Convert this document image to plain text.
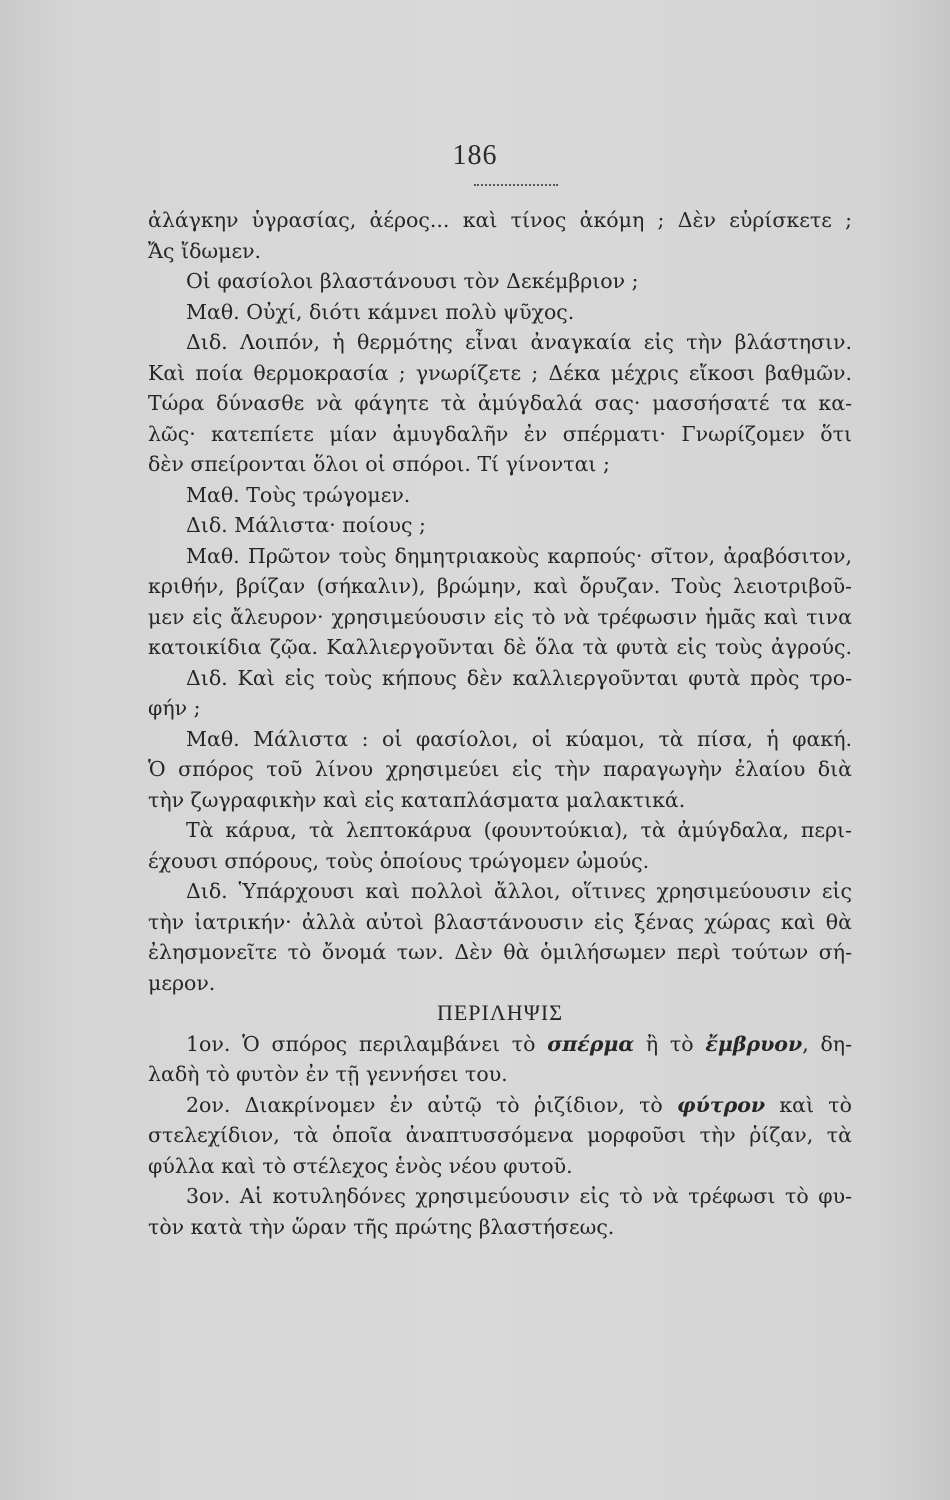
186
ἀλάγκην ὑγρασίας, ἀέρος... καὶ τίνος ἀκόμη ; Δὲν εὑρίσκετε ;
Ἄς ἴδωμεν.
Οἱ φασίολοι βλαστάνουσι τὸν Δεκέμβριον ;
Μαθ. Οὐχί, διότι κάμνει πολὺ ψῦχος.
Διδ. Λοιπόν, ἡ θερμότης εἶναι ἀναγκαία εἰς τὴν βλάστησιν.
Καὶ ποία θερμοκρασία ; γνωρίζετε ; Δέκα μέχρις εἴκοσι βαθμῶν.
Τώρα δύνασθε νὰ φάγητε τὰ ἀμύγδαλά σας· μασσήσατέ τα κα-
λῶς· κατεπίετε μίαν ἀμυγδαλῆν ἐν σπέρματι· Γνωρίζομεν ὅτι
δὲν σπείρονται ὅλοι οἱ σπόροι. Τί γίνονται ;
Μαθ. Τοὺς τρώγομεν.
Διδ. Μάλιστα· ποίους ;
Μαθ. Πρῶτον τοὺς δημητριακοὺς καρπούς· σῖτον, ἀραβόσιτον,
κριθήν, βρίζαν (σήκαλιν), βρώμην, καὶ ὄρυζαν. Τοὺς λειοτριβοῦ-
μεν εἰς ἄλευρον· χρησιμεύουσιν εἰς τὸ νὰ τρέφωσιν ἡμᾶς καὶ τινα
κατοικίδια ζῷα. Καλλιεργοῦνται δὲ ὅλα τὰ φυτὰ εἰς τοὺς ἀγρούς.
Διδ. Καὶ εἰς τοὺς κήπους δὲν καλλιεργοῦνται φυτὰ πρὸς τρο-
φήν ;
Μαθ. Μάλιστα : οἱ φασίολοι, οἱ κύαμοι, τὰ πίσα, ἡ φακή.
Ὁ σπόρος τοῦ λίνου χρησιμεύει εἰς τὴν παραγωγὴν ἐλαίου διὰ
τὴν ζωγραφικὴν καὶ εἰς καταπλάσματα μαλακτικά.
Τὰ κάρυα, τὰ λεπτοκάρυα (φουντούκια), τὰ ἀμύγδαλα, περι-
έχουσι σπόρους, τοὺς ὁποίους τρώγομεν ὠμούς.
Διδ. Ὑπάρχουσι καὶ πολλοὶ ἄλλοι, οἵτινες χρησιμεύουσιν εἰς
τὴν ἰατρικήν· ἀλλὰ αὐτοὶ βλαστάνουσιν εἰς ξένας χώρας καὶ θὰ
ἐλησμονεῖτε τὸ ὄνομά των. Δὲν θὰ ὁμιλήσωμεν περὶ τούτων σή-
μερον.
ΠΕΡΙΛΗΨΙΣ
1ον. Ὁ σπόρος περιλαμβάνει τὸ σπέρμα ἢ τὸ ἔμβρυον, δη-
λαδὴ τὸ φυτὸν ἐν τῇ γεννήσει του.
2ον. Διακρίνομεν ἐν αὐτῷ τὸ ῥιζίδιον, τὸ φύτρον καὶ τὸ
στελεχίδιον, τὰ ὁποῖα ἀναπτυσσόμενα μορφοῦσι τὴν ῥίζαν, τὰ
φύλλα καὶ τὸ στέλεχος ἑνὸς νέου φυτοῦ.
3ον. Αἱ κοτυληδόνες χρησιμεύουσιν εἰς τὸ νὰ τρέφωσι τὸ φυ-
τὸν κατὰ τὴν ὥραν τῆς πρώτης βλαστήσεως.
